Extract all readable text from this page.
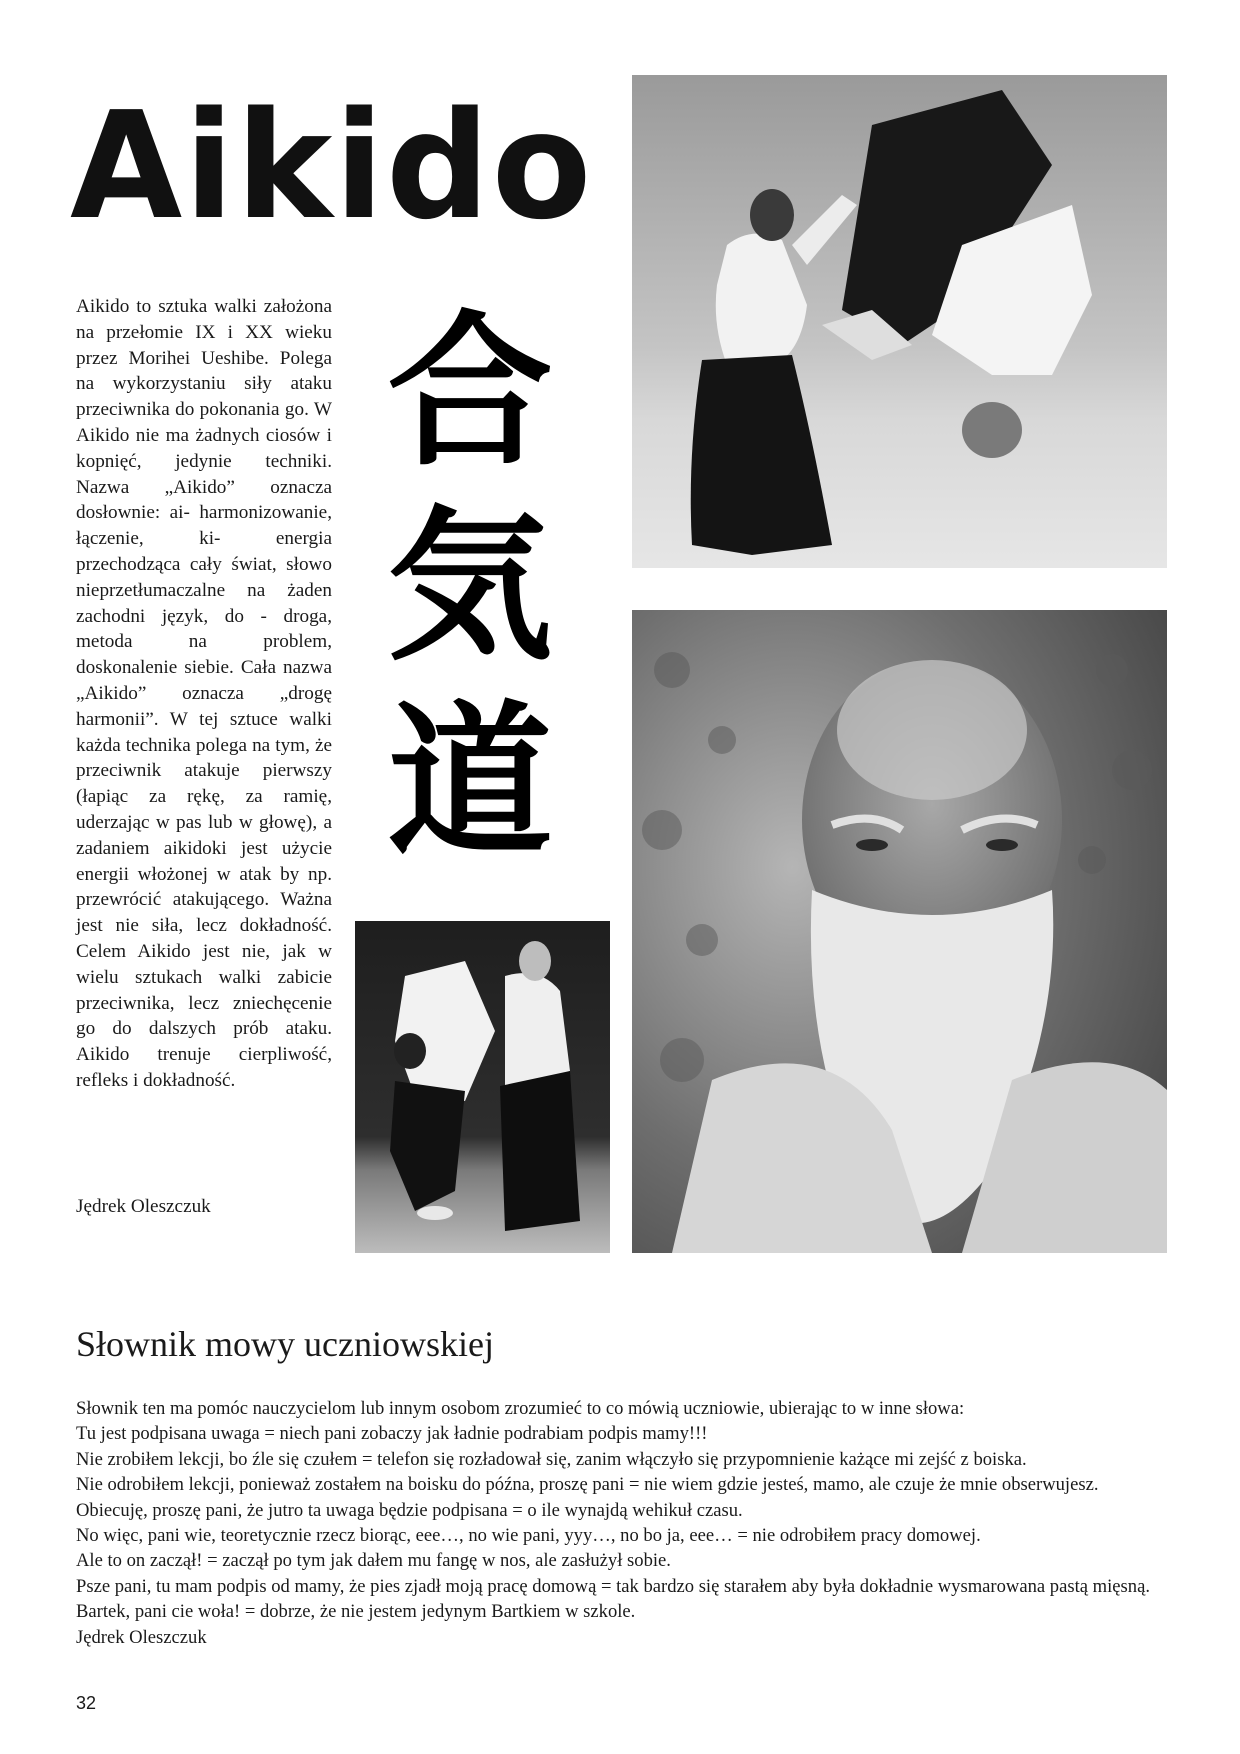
Aikido
Aikido to sztuka walki założona na przełomie IX i XX wieku przez Morihei Ueshibe. Polega na wykorzystaniu siły ataku przeciwnika do pokonania go. W Aikido nie ma żadnych ciosów i kopnięć, jedynie techniki. Nazwa „Aikido” oznacza dosłownie: ai- harmonizowanie, łączenie, ki- energia przechodząca cały świat, słowo nieprzetłumaczalne na żaden zachodni język, do - droga, metoda na problem, doskonalenie siebie. Cała nazwa „Aikido” oznacza „drogę harmonii”. W tej sztuce walki każda technika polega na tym, że przeciwnik atakuje pierwszy (łapiąc za rękę, za ramię, uderzając w pas lub w głowę), a zadaniem aikidoki jest użycie energii włożonej w atak by np. przewrócić atakującego. Ważna jest nie siła, lecz dokładność. Celem Aikido jest nie, jak w wielu sztukach walki zabicie przeciwnika, lecz zniechęcenie go do dalszych prób ataku. Aikido trenuje cierpliwość, refleks i dokładność.
Jędrek Oleszczuk
合
気
道
Słownik mowy uczniowskiej

Słownik ten ma pomóc nauczycielom lub innym osobom zrozumieć to co mówią uczniowie, ubierając to w inne słowa:

Tu jest podpisana uwaga = niech pani zobaczy jak ładnie podrabiam podpis mamy!!!

Nie zrobiłem lekcji, bo źle się czułem = telefon się rozładował się, zanim włączyło się przypomnienie każące mi zejść z boiska.

Nie odrobiłem lekcji, ponieważ zostałem na boisku do późna, proszę pani = nie wiem gdzie jesteś, mamo, ale czuje że mnie obserwujesz.

Obiecuję, proszę pani, że jutro ta uwaga będzie podpisana = o ile wynajdą wehikuł czasu.

No więc, pani wie, teoretycznie rzecz biorąc, eee…, no wie pani, yyy…, no bo ja, eee… = nie odrobiłem pracy domowej.

Ale to on zaczął! = zaczął po tym jak dałem mu fangę w nos, ale zasłużył sobie.

Psze pani, tu mam podpis od mamy, że pies zjadł moją pracę domową = tak bardzo się starałem aby była dokładnie wysmarowana pastą mięsną.

Bartek, pani cie woła! = dobrze, że nie jestem jedynym Bartkiem w szkole.

Jędrek Oleszczuk

32
